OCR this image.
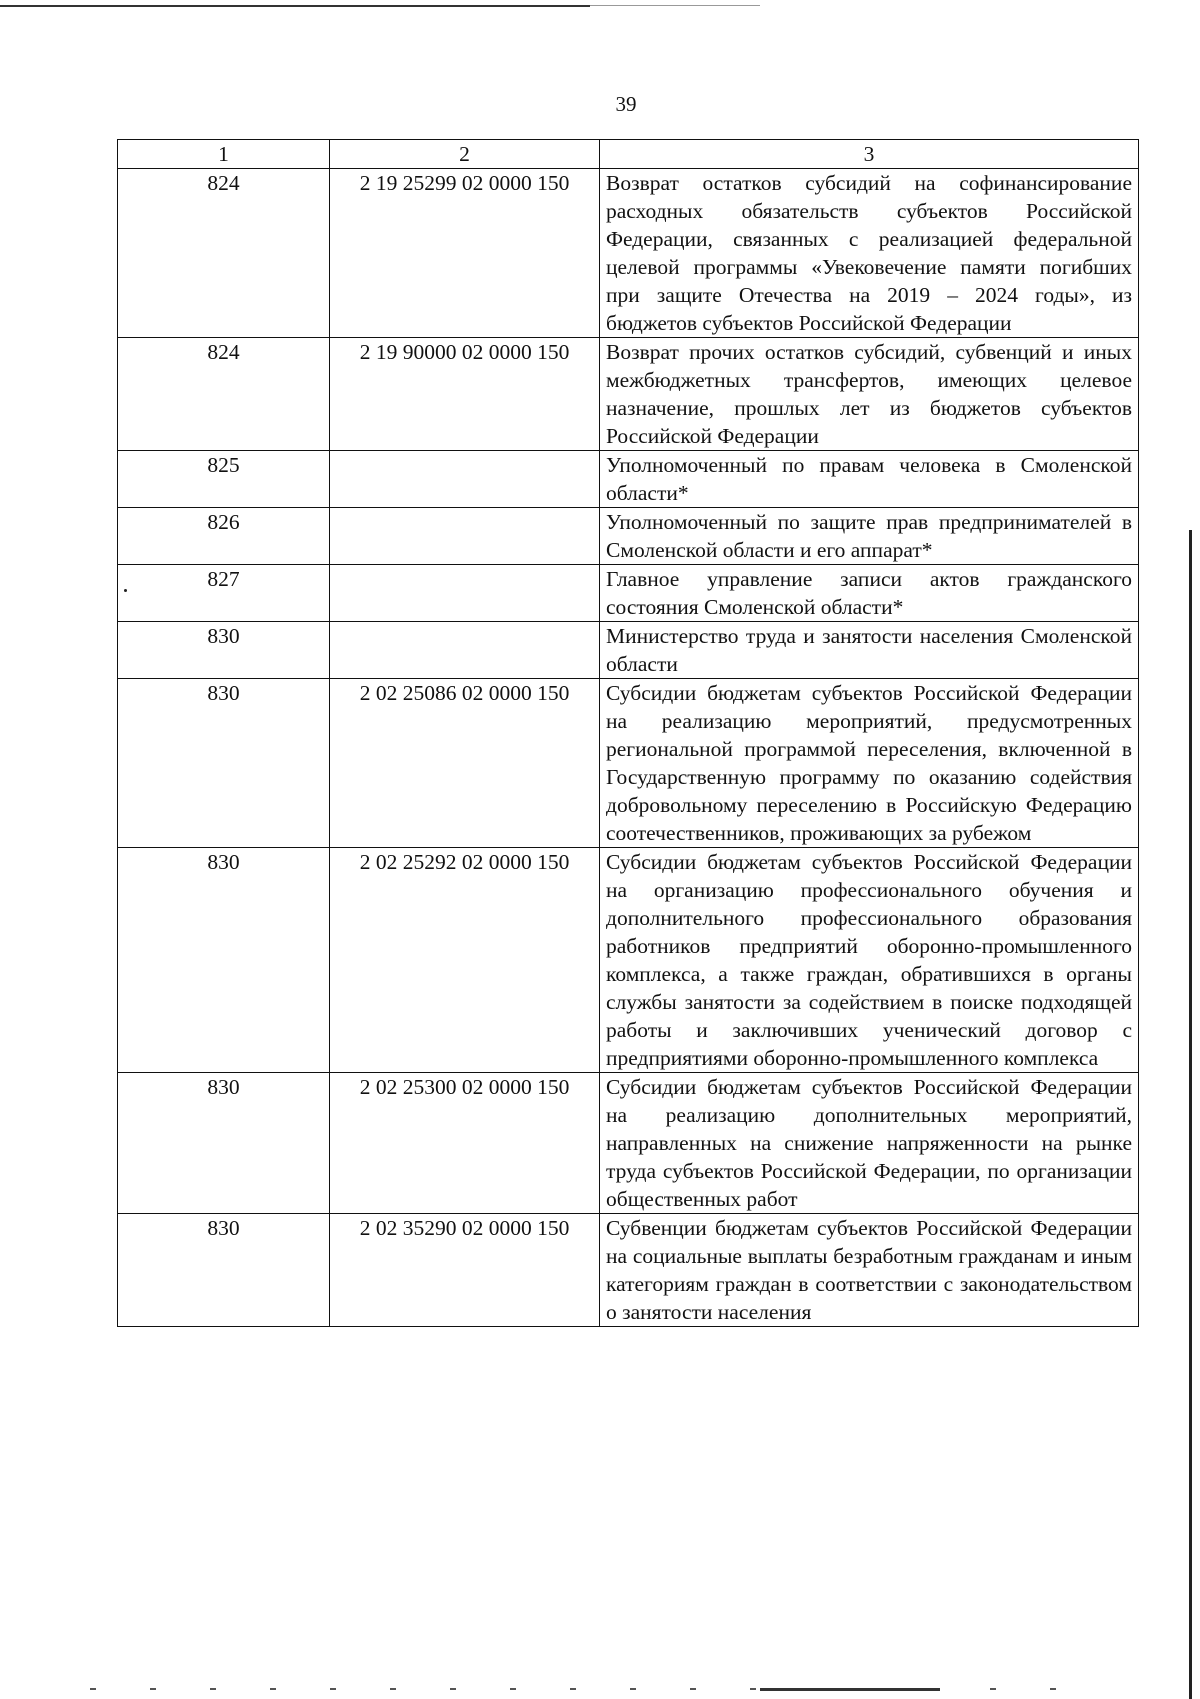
39
1	2	3
824	2 19 25299 02 0000 150	Возврат остатков субсидий на софинансирование расходных обязательств субъектов Российской Федерации, связанных с реализацией федеральной целевой программы «Увековечение памяти погибших при защите Отечества на 2019 – 2024 годы», из бюджетов субъектов Российской Федерации
824	2 19 90000 02 0000 150	Возврат прочих остатков субсидий, субвенций и иных межбюджетных трансфертов, имеющих целевое назначение, прошлых лет из бюджетов субъектов Российской Федерации
825		Уполномоченный по правам человека в Смоленской области*
826		Уполномоченный по защите прав предпринимателей в Смоленской области и его аппарат*
827		Главное управление записи актов гражданского состояния Смоленской области*
830		Министерство труда и занятости населения Смоленской области
830	2 02 25086 02 0000 150	Субсидии бюджетам субъектов Российской Федерации на реализацию мероприятий, предусмотренных региональной программой переселения, включенной в Государственную программу по оказанию содействия добровольному переселению в Российскую Федерацию соотечественников, проживающих за рубежом
830	2 02 25292 02 0000 150	Субсидии бюджетам субъектов Российской Федерации на организацию профессионального обучения и дополнительного профессионального образования работников предприятий оборонно-промышленного комплекса, а также граждан, обратившихся в органы службы занятости за содействием в поиске подходящей работы и заключивших ученический договор с предприятиями оборонно-промышленного комплекса
830	2 02 25300 02 0000 150	Субсидии бюджетам субъектов Российской Федерации на реализацию дополнительных мероприятий, направленных на снижение напряженности на рынке труда субъектов Российской Федерации, по организации общественных работ
830	2 02 35290 02 0000 150	Субвенции бюджетам субъектов Российской Федерации на социальные выплаты безработным гражданам и иным категориям граждан в соответствии с законодательством о занятости населения
